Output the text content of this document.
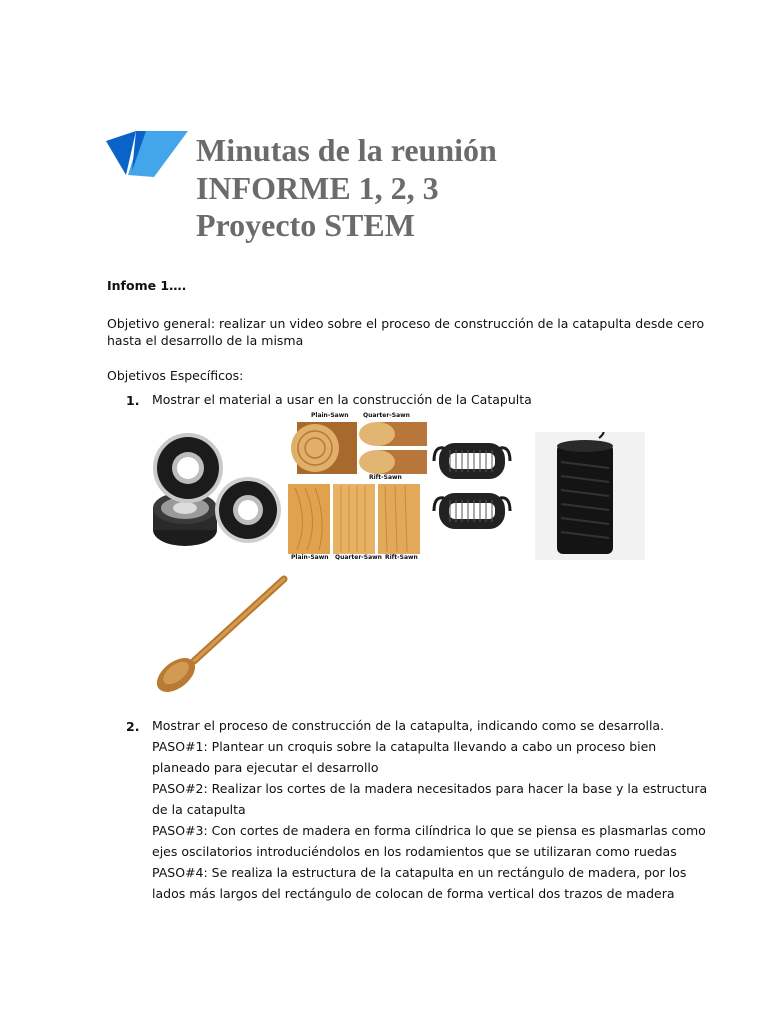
Minutas de la reunión
INFORME 1, 2, 3
Proyecto STEM
Infome 1….
Objetivo general: realizar un video sobre el proceso de construcción de la catapulta desde cero
hasta el desarrollo de la misma
Objetivos Específicos:
1. Mostrar el material a usar en la construcción de la Catapulta
Plain-Sawn Quarter-Sawn
Rift-Sawn
Plain-Sawn Quarter-Sawn Rift-Sawn
2. Mostrar el proceso de construcción de la catapulta, indicando como se desarrolla.
PASO#1: Plantear un croquis sobre la catapulta llevando a cabo un proceso bien
planeado para ejecutar el desarrollo
PASO#2: Realizar los cortes de la madera necesitados para hacer la base y la estructura
de la catapulta
PASO#3: Con cortes de madera en forma cilíndrica lo que se piensa es plasmarlas como
ejes oscilatorios introduciéndolos en los rodamientos que se utilizaran como ruedas
PASO#4: Se realiza la estructura de la catapulta en un rectángulo de madera, por los
lados más largos del rectángulo de colocan de forma vertical dos trazos de madera
